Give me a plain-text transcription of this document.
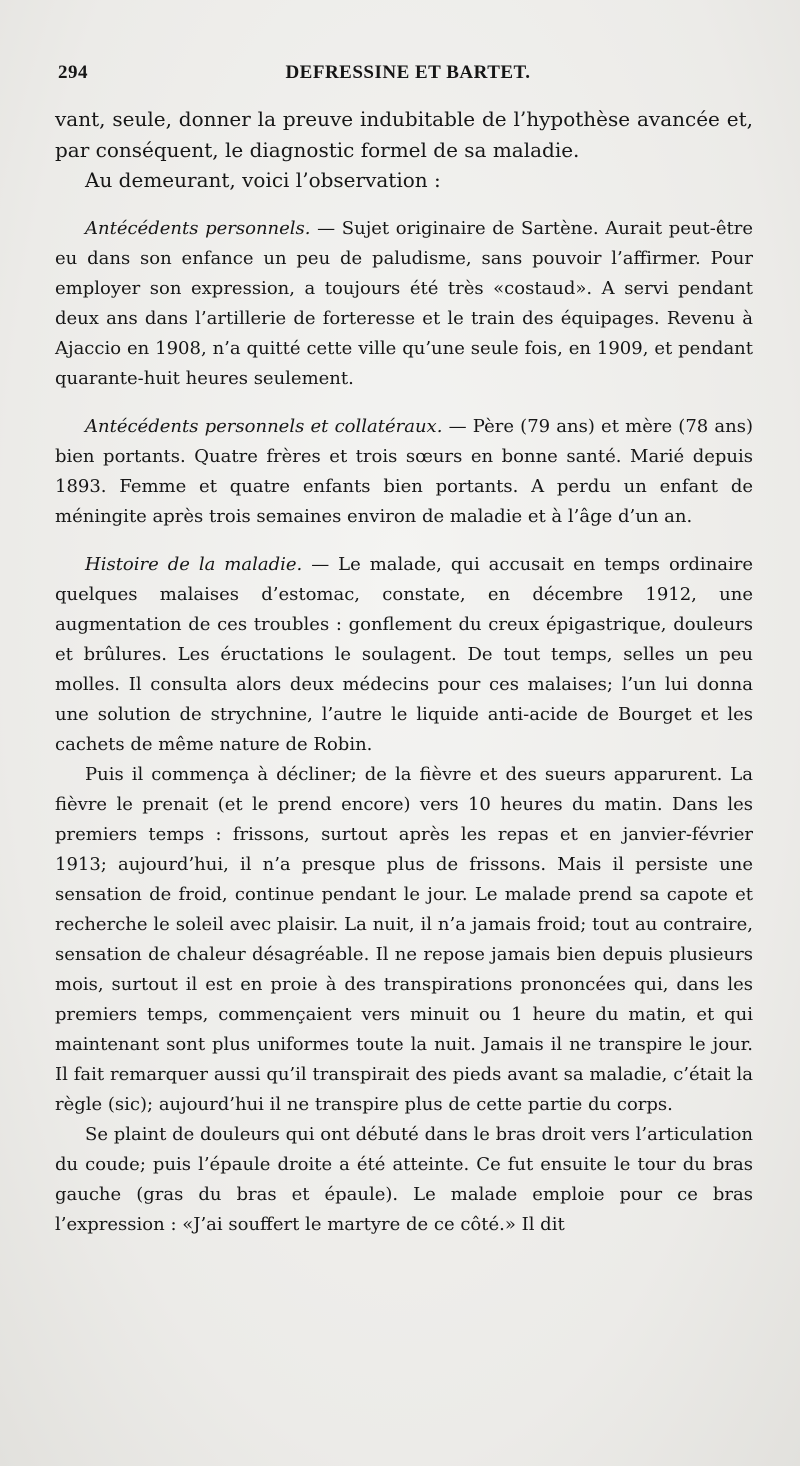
294	DEFRESSINE ET BARTET.

vant, seule, donner la preuve indubitable de l’hypothèse avancée et, par conséquent, le diagnostic formel de sa maladie.

Au demeurant, voici l’observation :

Antécédents personnels. — Sujet originaire de Sartène. Aurait peut-être eu dans son enfance un peu de paludisme, sans pouvoir l’affirmer. Pour employer son expression, a toujours été très «costaud». A servi pendant deux ans dans l’artillerie de forteresse et le train des équipages. Revenu à Ajaccio en 1908, n’a quitté cette ville qu’une seule fois, en 1909, et pendant quarante-huit heures seulement.

Antécédents personnels et collatéraux. — Père (79 ans) et mère (78 ans) bien portants. Quatre frères et trois sœurs en bonne santé. Marié depuis 1893. Femme et quatre enfants bien portants. A perdu un enfant de méningite après trois semaines environ de maladie et à l’âge d’un an.

Histoire de la maladie. — Le malade, qui accusait en temps ordinaire quelques malaises d’estomac, constate, en décembre 1912, une augmentation de ces troubles : gonflement du creux épigastrique, douleurs et brûlures. Les éructations le soulagent. De tout temps, selles un peu molles. Il consulta alors deux médecins pour ces malaises; l’un lui donna une solution de strychnine, l’autre le liquide anti-acide de Bourget et les cachets de même nature de Robin.

Puis il commença à décliner; de la fièvre et des sueurs apparurent. La fièvre le prenait (et le prend encore) vers 10 heures du matin. Dans les premiers temps : frissons, surtout après les repas et en janvier-février 1913; aujourd’hui, il n’a presque plus de frissons. Mais il persiste une sensation de froid, continue pendant le jour. Le malade prend sa capote et recherche le soleil avec plaisir. La nuit, il n’a jamais froid; tout au contraire, sensation de chaleur désagréable. Il ne repose jamais bien depuis plusieurs mois, surtout il est en proie à des transpirations prononcées qui, dans les premiers temps, commençaient vers minuit ou 1 heure du matin, et qui maintenant sont plus uniformes toute la nuit. Jamais il ne transpire le jour. Il fait remarquer aussi qu’il transpirait des pieds avant sa maladie, c’était la règle (sic); aujourd’hui il ne transpire plus de cette partie du corps.

Se plaint de douleurs qui ont débuté dans le bras droit vers l’articulation du coude; puis l’épaule droite a été atteinte. Ce fut ensuite le tour du bras gauche (gras du bras et épaule). Le malade emploie pour ce bras l’expression : «J’ai souffert le martyre de ce côté.» Il dit
